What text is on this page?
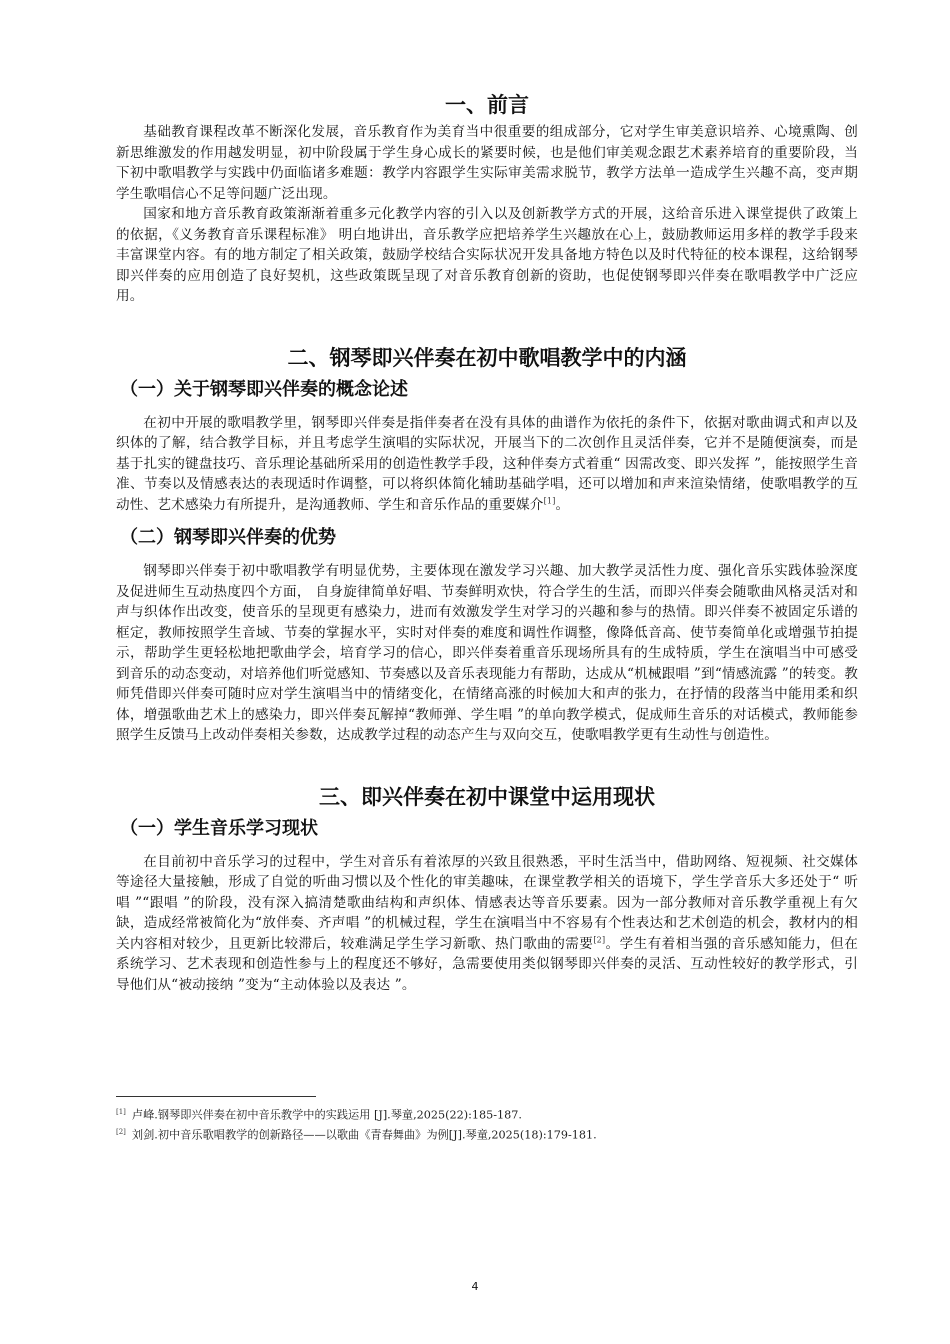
一、前言

基础教育课程改革不断深化发展，音乐教育作为美育当中很重要的组成部分，它对学生审美意识培养、心境熏陶、创新思维激发的作用越发明显，初中阶段属于学生身心成长的紧要时候，也是他们审美观念跟艺术素养培育的重要阶段，当下初中歌唱教学与实践中仍面临诸多难题：教学内容跟学生实际审美需求脱节，教学方法单一造成学生兴趣不高，变声期学生歌唱信心不足等问题广泛出现。

国家和地方音乐教育政策渐渐着重多元化教学内容的引入以及创新教学方式的开展，这给音乐进入课堂提供了政策上的依据，《义务教育音乐课程标准》 明白地讲出，音乐教学应把培养学生兴趣放在心上，鼓励教师运用多样的教学手段来丰富课堂内容。有的地方制定了相关政策，鼓励学校结合实际状况开发具备地方特色以及时代特征的校本课程，这给钢琴即兴伴奏的应用创造了良好契机，这些政策既呈现了对音乐教育创新的资助，也促使钢琴即兴伴奏在歌唱教学中广泛应用。

二、钢琴即兴伴奏在初中歌唱教学中的内涵
（一）关于钢琴即兴伴奏的概念论述

在初中开展的歌唱教学里，钢琴即兴伴奏是指伴奏者在没有具体的曲谱作为依托的条件下，依据对歌曲调式和声以及织体的了解，结合教学目标，并且考虑学生演唱的实际状况，开展当下的二次创作且灵活伴奏，它并不是随便演奏，而是基于扎实的键盘技巧、音乐理论基础所采用的创造性教学手段，这种伴奏方式着重“ 因需改变、即兴发挥 ”，能按照学生音准、节奏以及情感表达的表现适时作调整，可以将织体简化辅助基础学唱，还可以增加和声来渲染情绪，使歌唱教学的互动性、艺术感染力有所提升，是沟通教师、学生和音乐作品的重要媒介[1]。

（二）钢琴即兴伴奏的优势

钢琴即兴伴奏于初中歌唱教学有明显优势，主要体现在激发学习兴趣、加大教学灵活性力度、强化音乐实践体验深度及促进师生互动热度四个方面， 自身旋律简单好唱、节奏鲜明欢快，符合学生的生活，而即兴伴奏会随歌曲风格灵活对和声与织体作出改变，使音乐的呈现更有感染力，进而有效激发学生对学习的兴趣和参与的热情。即兴伴奏不被固定乐谱的框定，教师按照学生音域、节奏的掌握水平，实时对伴奏的难度和调性作调整，像降低音高、使节奏简单化或增强节拍提示，帮助学生更轻松地把歌曲学会，培育学习的信心，即兴伴奏着重音乐现场所具有的生成特质，学生在演唱当中可感受到音乐的动态变动，对培养他们听觉感知、节奏感以及音乐表现能力有帮助，达成从“机械跟唱 ”到“情感流露 ”的转变。教师凭借即兴伴奏可随时应对学生演唱当中的情绪变化，在情绪高涨的时候加大和声的张力，在抒情的段落当中能用柔和织体，增强歌曲艺术上的感染力，即兴伴奏瓦解掉“教师弹、学生唱 ”的单向教学模式，促成师生音乐的对话模式，教师能参照学生反馈马上改动伴奏相关参数，达成教学过程的动态产生与双向交互，使歌唱教学更有生动性与创造性。

三、即兴伴奏在初中课堂中运用现状
（一）学生音乐学习现状

在目前初中音乐学习的过程中，学生对音乐有着浓厚的兴致且很熟悉，平时生活当中，借助网络、短视频、社交媒体等途径大量接触，形成了自觉的听曲习惯以及个性化的审美趣味，在课堂教学相关的语境下，学生学音乐大多还处于“ 听唱 ”“跟唱 ”的阶段，没有深入搞清楚歌曲结构和声织体、情感表达等音乐要素。因为一部分教师对音乐教学重视上有欠缺，造成经常被简化为“放伴奏、齐声唱 ”的机械过程，学生在演唱当中不容易有个性表达和艺术创造的机会，教材内的相关内容相对较少，且更新比较滞后，较难满足学生学习新歌、热门歌曲的需要[2]。学生有着相当强的音乐感知能力，但在系统学习、艺术表现和创造性参与上的程度还不够好，急需要使用类似钢琴即兴伴奏的灵活、互动性较好的教学形式，引导他们从“被动接纳 ”变为“主动体验以及表达 ”。

[1] 卢峰.钢琴即兴伴奏在初中音乐教学中的实践运用 [J].琴童,2025(22):185-187.

[2] 刘剑.初中音乐歌唱教学的创新路径——以歌曲《青春舞曲》为例[J].琴童,2025(18):179-181.

4
